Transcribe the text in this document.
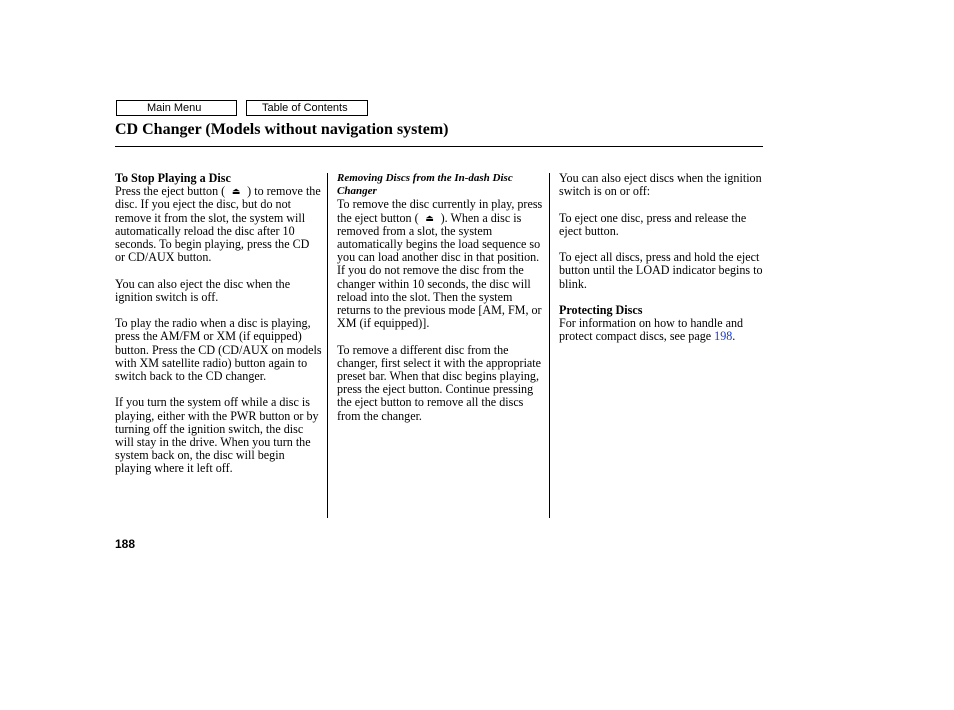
Main Menu	Table of Contents
CD Changer (Models without navigation system)
To Stop Playing a Disc

Press the eject button ( ⏏ ) to remove the disc. If you eject the disc, but do not remove it from the slot, the system will automatically reload the disc after 10 seconds. To begin playing, press the CD or CD/AUX button.

You can also eject the disc when the ignition switch is off.

To play the radio when a disc is playing, press the AM/FM or XM (if equipped) button. Press the CD (CD/AUX on models with XM satellite radio) button again to switch back to the CD changer.

If you turn the system off while a disc is playing, either with the PWR button or by turning off the ignition switch, the disc will stay in the drive. When you turn the system back on, the disc will begin playing where it left off.

Removing Discs from the In-dash Disc Changer

To remove the disc currently in play, press the eject button ( ⏏ ). When a disc is removed from a slot, the system automatically begins the load sequence so you can load another disc in that position. If you do not remove the disc from the changer within 10 seconds, the disc will reload into the slot. Then the system returns to the previous mode [AM, FM, or XM (if equipped)].

To remove a different disc from the changer, first select it with the appropriate preset bar. When that disc begins playing, press the eject button. Continue pressing the eject button to remove all the discs from the changer.

You can also eject discs when the ignition switch is on or off:

To eject one disc, press and release the eject button.

To eject all discs, press and hold the eject button until the LOAD indicator begins to blink.

Protecting Discs

For information on how to handle and protect compact discs, see page 198.

188
